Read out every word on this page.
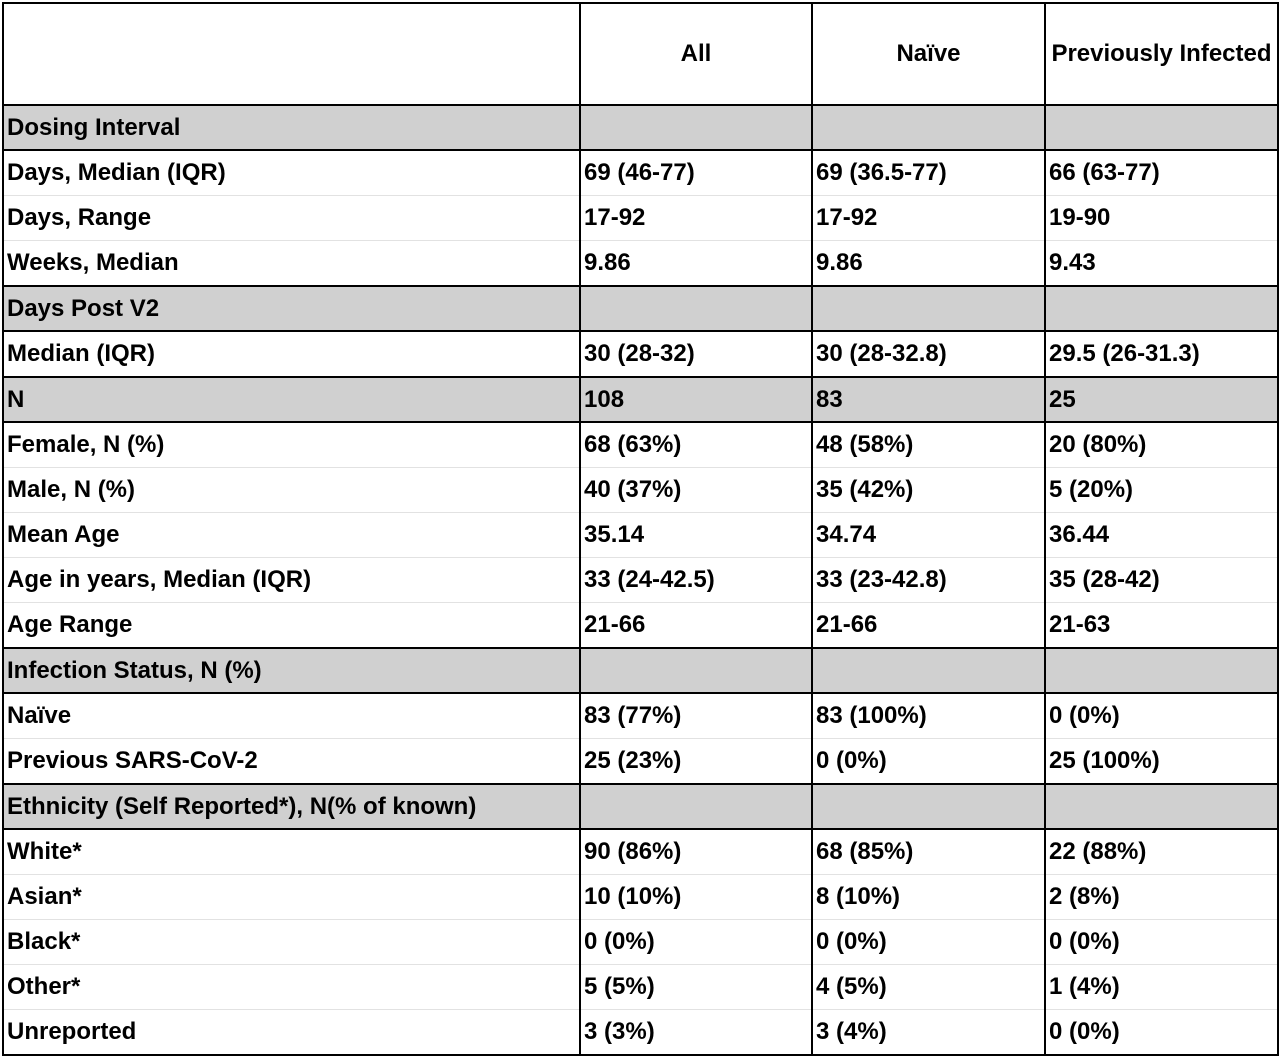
	All	Naïve	Previously Infected
Dosing Interval			
Days, Median (IQR)	69 (46-77)	69 (36.5-77)	66 (63-77)
Days, Range	17-92	17-92	19-90
Weeks, Median	9.86	9.86	9.43
Days Post V2			
Median (IQR)	30 (28-32)	30 (28-32.8)	29.5 (26-31.3)
N	108	83	25
Female, N (%)	68 (63%)	48 (58%)	20 (80%)
Male, N (%)	40 (37%)	35 (42%)	5 (20%)
Mean Age	35.14	34.74	36.44
Age in years, Median (IQR)	33 (24-42.5)	33 (23-42.8)	35 (28-42)
Age Range	21-66	21-66	21-63
Infection Status, N (%)			
Naïve	83 (77%)	83 (100%)	0 (0%)
Previous SARS-CoV-2	25 (23%)	0 (0%)	25 (100%)
Ethnicity (Self Reported*), N(% of known)			
White*	90 (86%)	68 (85%)	22 (88%)
Asian*	10 (10%)	8 (10%)	2 (8%)
Black*	0 (0%)	0 (0%)	0 (0%)
Other*	5 (5%)	4 (5%)	1 (4%)
Unreported	3 (3%)	3 (4%)	0 (0%)
